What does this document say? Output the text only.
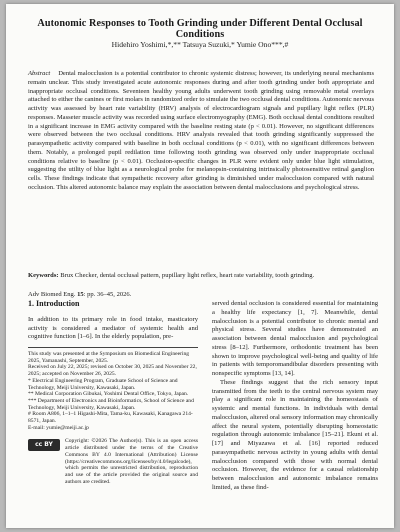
Autonomic Responses to Tooth Grinding under Different Dental Occlusal Conditions
Hidehiro Yoshimi,*,** Tatsuya Suzuki,* Yumie Ono***,#
Abstract Dental malocclusion is a potential contributor to chronic systemic distress; however, its underlying neural mechanisms remain unclear. This study investigated acute autonomic responses during and after tooth grinding under both appropriate and inappropriate occlusal conditions. Seventeen healthy young adults underwent tooth grinding using removable metal overlays attached to either the canines or first molars in randomized order to simulate the two occlusal dental conditions. Autonomic nervous activity was assessed by heart rate variability (HRV) analysis of electrocardiogram signals and pupillary light reflex (PLR) responses. Masseter muscle activity was recorded using surface electromyography (EMG). Both occlusal dental conditions resulted in a significant increase in EMG activity compared with the baseline resting state (p < 0.01). However, no significant differences were observed between the two occlusal conditions. HRV analysis revealed that tooth grinding significantly suppressed the parasympathetic activity compared with baseline in both occlusal conditions (p < 0.01), with no significant differences between them. Notably, a prolonged pupil redilation time following tooth grinding was observed only under inappropriate occlusal conditions relative to baseline (p < 0.01). Occlusion-specific changes in PLR were evident only under blue light stimulation, suggesting the utility of blue light as a neurological probe for melanopsin-containing intrinsically photosensitive retinal ganglion cells. These findings indicate that sympathetic recovery after grinding is diminished under malocclusion compared with natural occlusion. This altered autonomic balance may explain the association between dental malocclusions and psychological stress.
Keywords: Brux Checker, dental occlusal pattern, pupillary light reflex, heart rate variability, tooth grinding.
Adv Biomed Eng. 15: pp. 36–45, 2026.
1. Introduction

In addition to its primary role in food intake, masticatory activity is considered a mediator of systemic health and cognitive function [1–6]. In the elderly population, pre-

This study was presented at the Symposium on Biomedical Engineering 2025, Yamanashi, September, 2025.

Received on July 22, 2025; revised on October 30, 2025 and November 22, 2025; accepted on November 26, 2025.

* Electrical Engineering Program, Graduate School of Science and Technology, Meiji University, Kawasaki, Japan.

** Medical Corporation Gibukai, Yoshimi Dental Office, Tokyo, Japan.

*** Department of Electronics and Bioinformatics, School of Science and Technology, Meiji University, Kawasaki, Japan.

# Room A806, 1–1–1 Higashi-Mita, Tama-ku, Kawasaki, Kanagawa 214-8571, Japan.

E-mail: yumie@meiji.ac.jp

cc BY	Copyright: ©2026 The Author(s). This is an open access article distributed under the terms of the Creative Commons BY 4.0 International (Attribution) License (https://creativecommons.org/licenses/by/4.0/legalcode), which permits the unrestricted distribution, reproduction and use of the article provided the original source and authors are credited.

served dental occlusion is considered essential for maintaining a healthy life expectancy [1, 7]. Meanwhile, dental malocclusion is a potential contributor to chronic mental and physical stress. Several studies have demonstrated an association between dental malocclusion and psychological stress [8–12]. Furthermore, orthodontic treatment has been shown to improve psychological well-being and quality of life in patients with temporomandibular disorders presenting with nonspecific symptoms [13, 14].

These findings suggest that the rich sensory input transmitted from the teeth to the central nervous system may play a significant role in maintaining the homeostasis of systemic and mental functions. In individuals with dental malocclusion, altered oral sensory information may chronically affect the neural system, potentially disrupting homeostatic regulation through autonomic imbalance [15–21]. Ekuni et al. [17] and Miyazawa et al. [16] reported reduced parasympathetic nervous activity in young adults with dental malocclusion compared with those with normal dental occlusion. However, the evidence for a causal relationship between malocclusion and autonomic imbalance remains limited, as these find-
